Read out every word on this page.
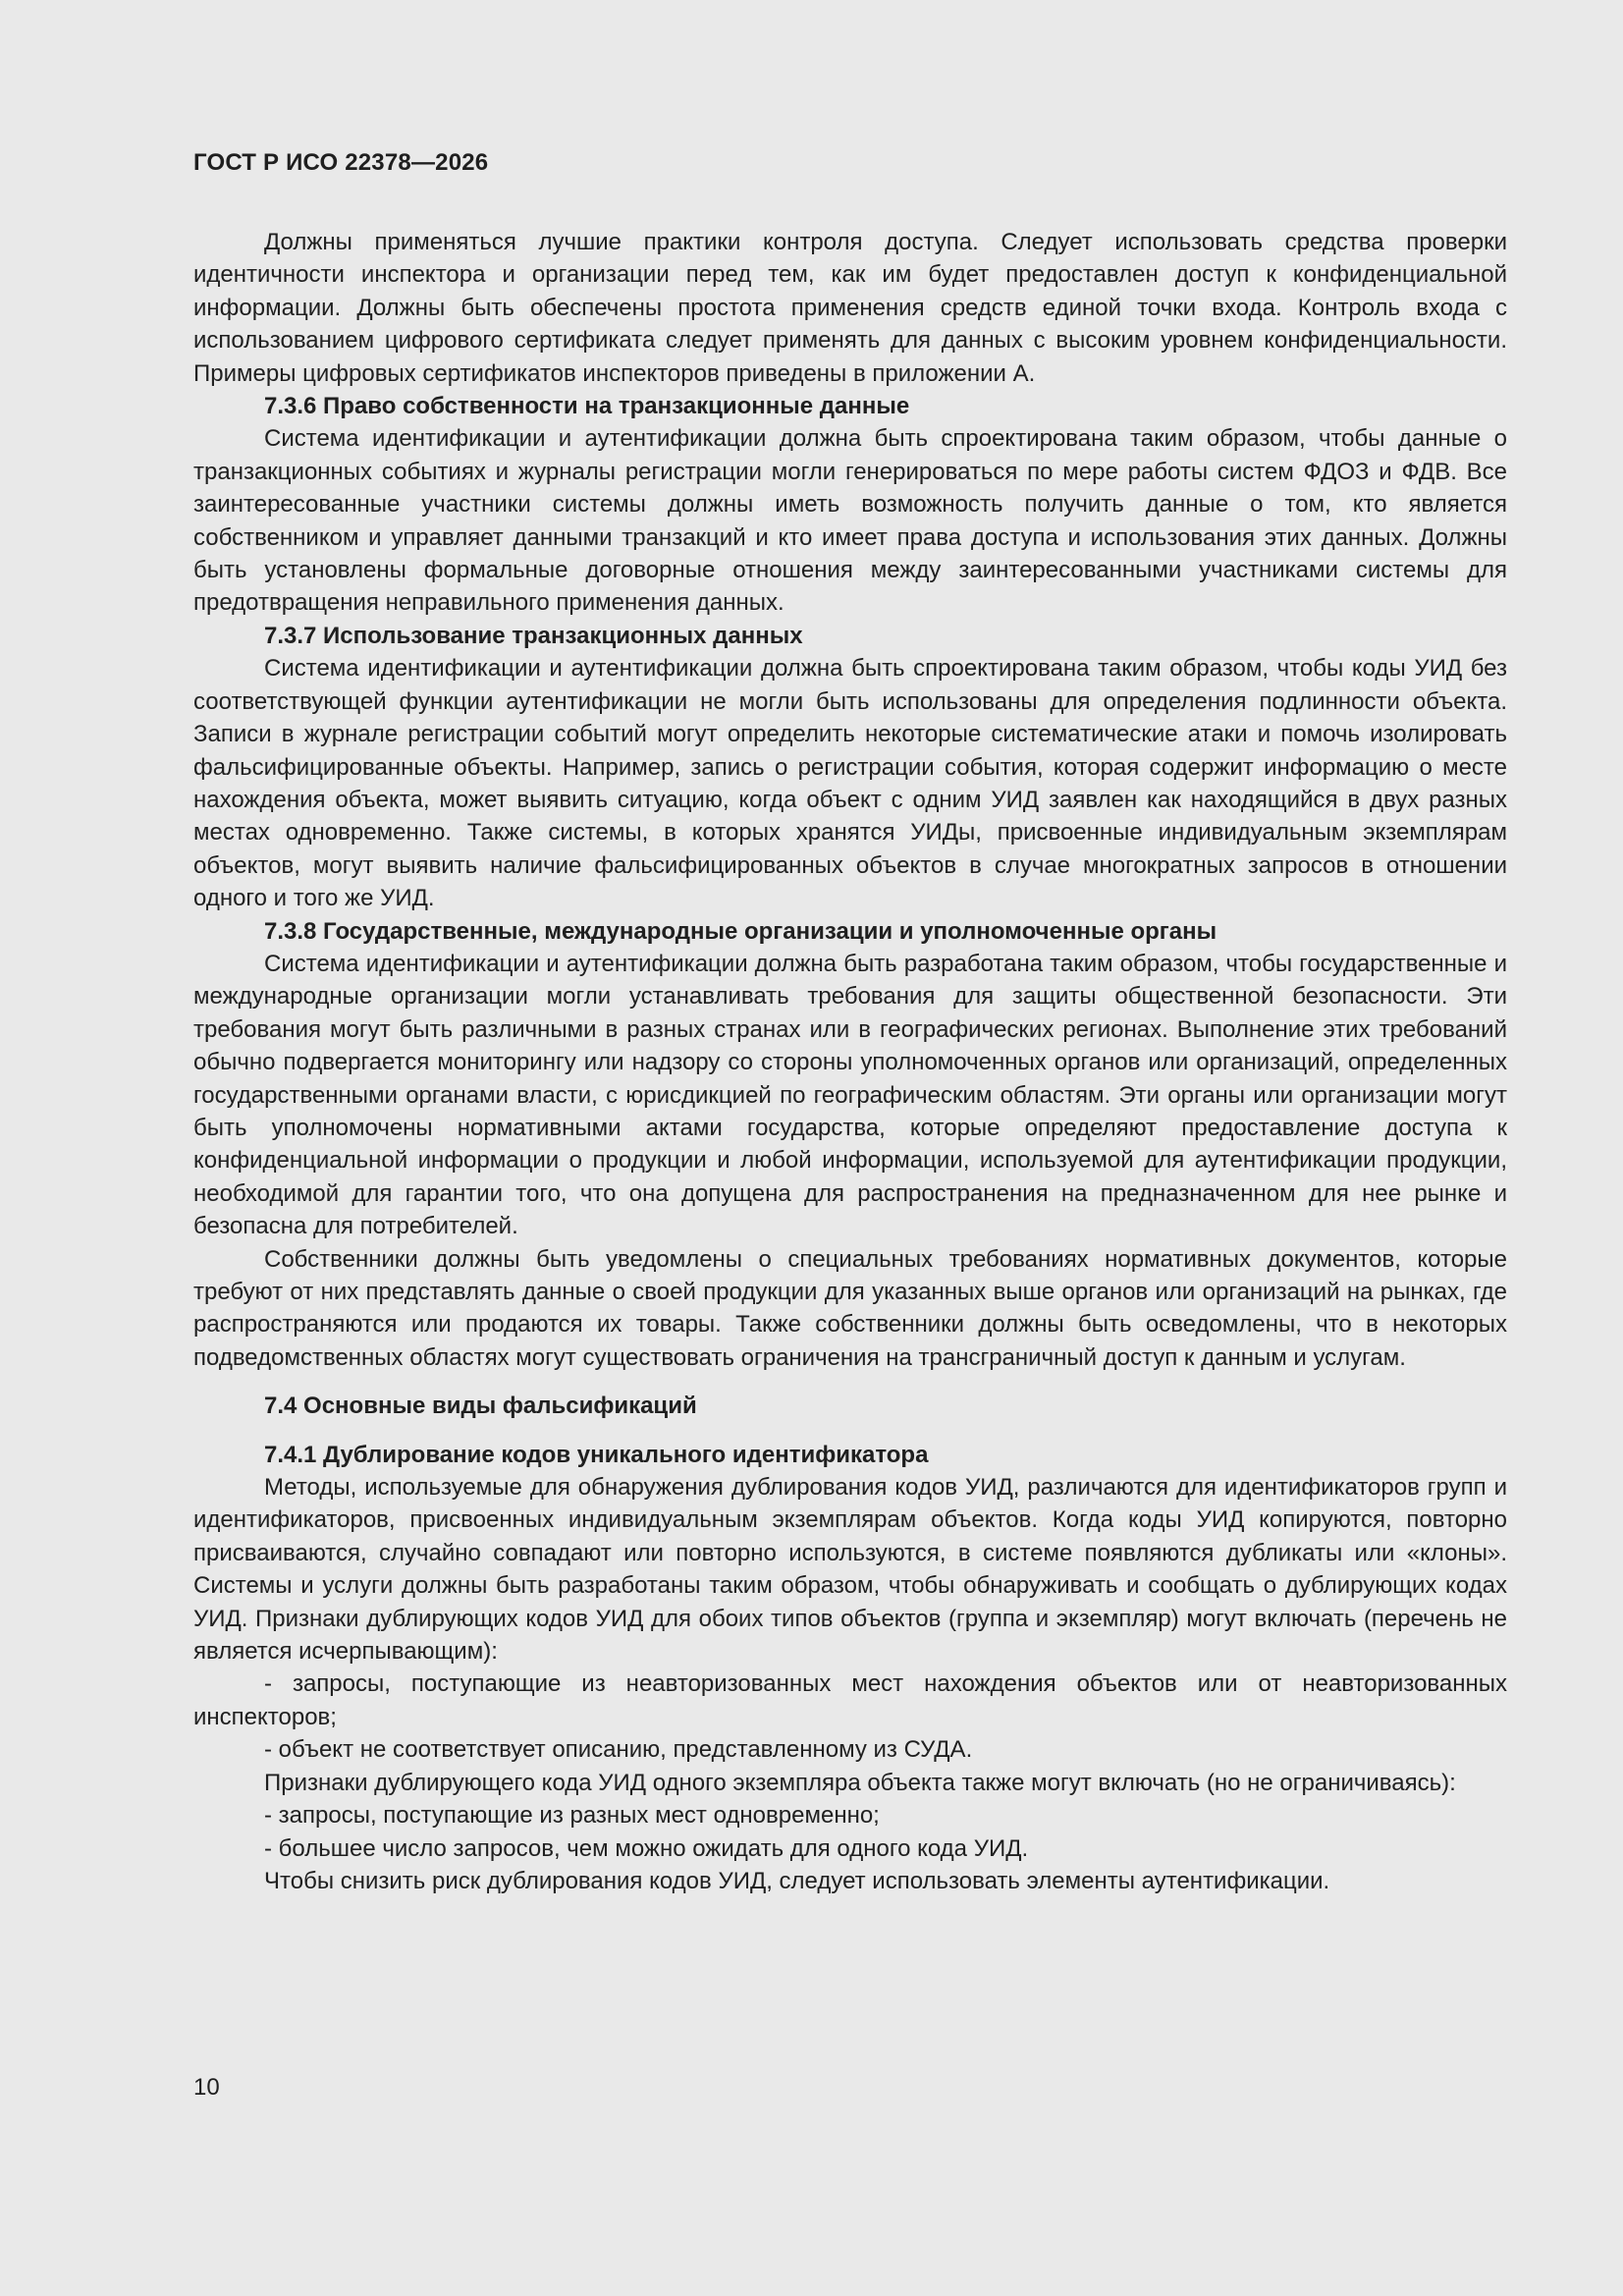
ГОСТ Р ИСО 22378—2026

Должны применяться лучшие практики контроля доступа. Следует использовать средства проверки идентичности инспектора и организации перед тем, как им будет предоставлен доступ к конфиденциальной информации. Должны быть обеспечены простота применения средств единой точки входа. Контроль входа с использованием цифрового сертификата следует применять для данных с высоким уровнем конфиденциальности. Примеры цифровых сертификатов инспекторов приведены в приложении А.

7.3.6 Право собственности на транзакционные данные

Система идентификации и аутентификации должна быть спроектирована таким образом, чтобы данные о транзакционных событиях и журналы регистрации могли генерироваться по мере работы систем ФДОЗ и ФДВ. Все заинтересованные участники системы должны иметь возможность получить данные о том, кто является собственником и управляет данными транзакций и кто имеет права доступа и использования этих данных. Должны быть установлены формальные договорные отношения между заинтересованными участниками системы для предотвращения неправильного применения данных.

7.3.7 Использование транзакционных данных

Система идентификации и аутентификации должна быть спроектирована таким образом, чтобы коды УИД без соответствующей функции аутентификации не могли быть использованы для определения подлинности объекта. Записи в журнале регистрации событий могут определить некоторые систематические атаки и помочь изолировать фальсифицированные объекты. Например, запись о регистрации события, которая содержит информацию о месте нахождения объекта, может выявить ситуацию, когда объект с одним УИД заявлен как находящийся в двух разных местах одновременно. Также системы, в которых хранятся УИДы, присвоенные индивидуальным экземплярам объектов, могут выявить наличие фальсифицированных объектов в случае многократных запросов в отношении одного и того же УИД.

7.3.8 Государственные, международные организации и уполномоченные органы

Система идентификации и аутентификации должна быть разработана таким образом, чтобы государственные и международные организации могли устанавливать требования для защиты общественной безопасности. Эти требования могут быть различными в разных странах или в географических регионах. Выполнение этих требований обычно подвергается мониторингу или надзору со стороны уполномоченных органов или организаций, определенных государственными органами власти, с юрисдикцией по географическим областям. Эти органы или организации могут быть уполномочены нормативными актами государства, которые определяют предоставление доступа к конфиденциальной информации о продукции и любой информации, используемой для аутентификации продукции, необходимой для гарантии того, что она допущена для распространения на предназначенном для нее рынке и безопасна для потребителей.

Собственники должны быть уведомлены о специальных требованиях нормативных документов, которые требуют от них представлять данные о своей продукции для указанных выше органов или организаций на рынках, где распространяются или продаются их товары. Также собственники должны быть осведомлены, что в некоторых подведомственных областях могут существовать ограничения на трансграничный доступ к данным и услугам.

7.4 Основные виды фальсификаций
7.4.1 Дублирование кодов уникального идентификатора

Методы, используемые для обнаружения дублирования кодов УИД, различаются для идентификаторов групп и идентификаторов, присвоенных индивидуальным экземплярам объектов. Когда коды УИД копируются, повторно присваиваются, случайно совпадают или повторно используются, в системе появляются дубликаты или «клоны». Системы и услуги должны быть разработаны таким образом, чтобы обнаруживать и сообщать о дублирующих кодах УИД. Признаки дублирующих кодов УИД для обоих типов объектов (группа и экземпляр) могут включать (перечень не является исчерпывающим):

- запросы, поступающие из неавторизованных мест нахождения объектов или от неавторизованных инспекторов;

- объект не соответствует описанию, представленному из СУДА.

Признаки дублирующего кода УИД одного экземпляра объекта также могут включать (но не ограничиваясь):

- запросы, поступающие из разных мест одновременно;

- большее число запросов, чем можно ожидать для одного кода УИД.

Чтобы снизить риск дублирования кодов УИД, следует использовать элементы аутентификации.

10
